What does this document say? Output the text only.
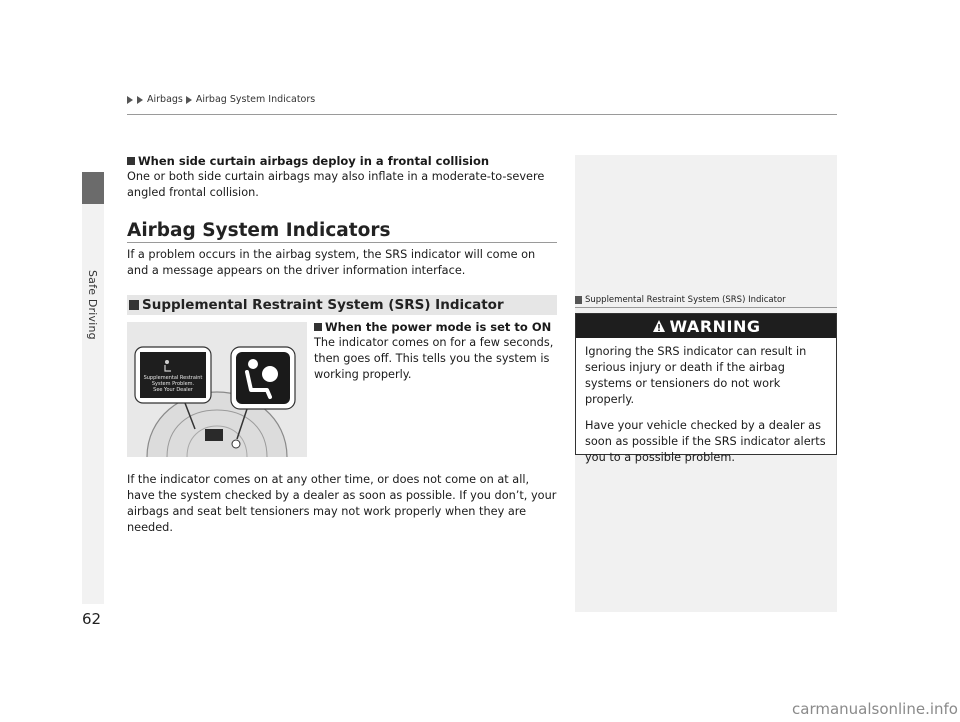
Safe Driving
Airbags Airbag System Indicators

When side curtain airbags deploy in a frontal collision

One or both side curtain airbags may also inflate in a moderate-to-severe angled frontal collision.

Airbag System Indicators

If a problem occurs in the airbag system, the SRS indicator will come on and a message appears on the driver information interface.

Supplemental Restraint System (SRS) Indicator
Supplemental Restraint
System Problem.
See Your Dealer

When the power mode is set to ON

The indicator comes on for a few seconds, then goes off. This tells you the system is working properly.

If the indicator comes on at any other time, or does not come on at all, have the system checked by a dealer as soon as possible. If you don’t, your airbags and seat belt tensioners may not work properly when they are needed.

62
Supplemental Restraint System (SRS) Indicator
WARNING

Ignoring the SRS indicator can result in serious injury or death if the airbag systems or tensioners do not work properly.

Have your vehicle checked by a dealer as soon as possible if the SRS indicator alerts you to a possible problem.

carmanualsonline.info
